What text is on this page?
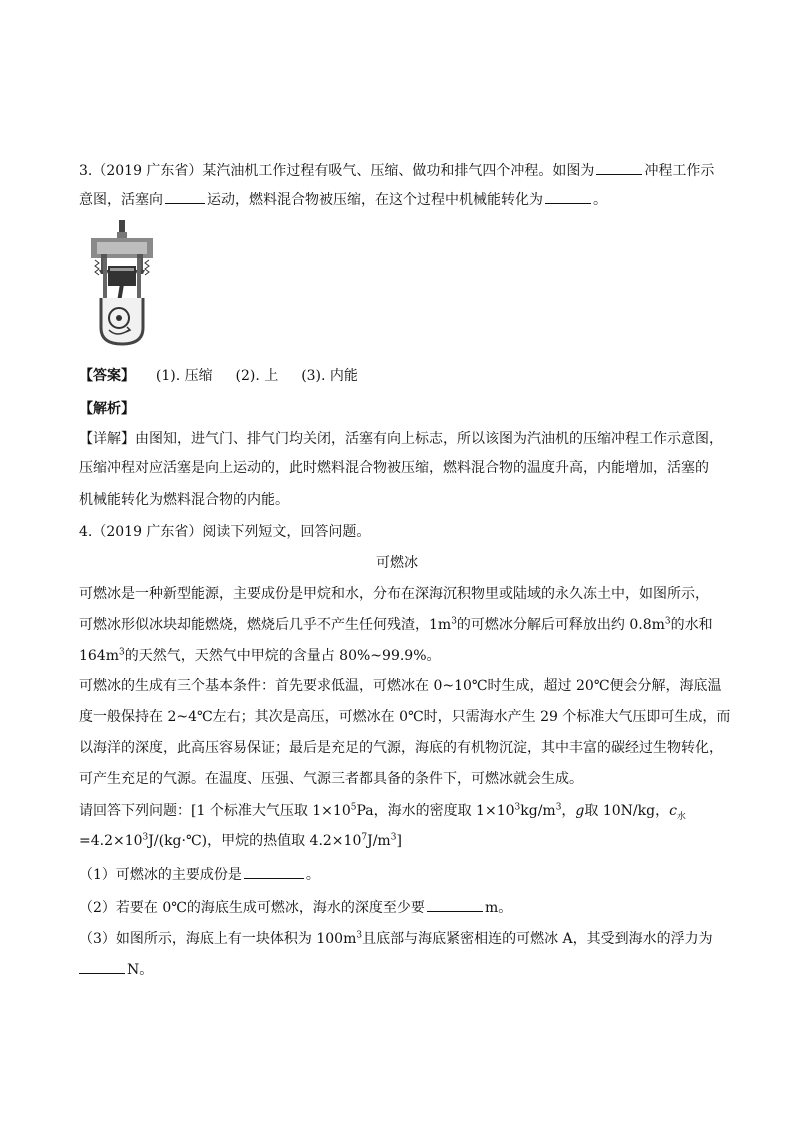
3.（2019 广东省）某汽油机工作过程有吸气、压缩、做功和排气四个冲程。如图为	冲程工作示
意图，活塞向	运动，燃料混合物被压缩，在这个过程中机械能转化为	。
【答案】 (1). 压缩 (2). 上 (3). 内能
【解析】
【详解】由图知，进气门、排气门均关闭，活塞有向上标志，所以该图为汽油机的压缩冲程工作示意图，
压缩冲程对应活塞是向上运动的，此时燃料混合物被压缩，燃料混合物的温度升高，内能增加，活塞的
机械能转化为燃料混合物的内能。
4.（2019 广东省）阅读下列短文，回答问题。
可燃冰
可燃冰是一种新型能源，主要成份是甲烷和水，分布在深海沉积物里或陆域的永久冻土中，如图所示，
可燃冰形似冰块却能燃烧，燃烧后几乎不产生任何残渣，$1m^3$的可燃冰分解后可释放出约 $0.8m^3$的水和
$164m^3$的天然气，天然气中甲烷的含量占 80%~99.9%。
可燃冰的生成有三个基本条件：首先要求低温，可燃冰在 0~10℃时生成，超过 20℃便会分解，海底温
度一般保持在 2~4℃左右；其次是高压，可燃冰在 0℃时，只需海水产生 29 个标准大气压即可生成，而
以海洋的深度，此高压容易保证；最后是充足的气源，海底的有机物沉淀，其中丰富的碳经过生物转化，
可产生充足的气源。在温度、压强、气源三者都具备的条件下，可燃冰就会生成。
请回答下列问题：[1 个标准大气压取 $1\times 10^5Pa$，海水的密度取 $1\times 10^3kg/m^3$，g取 10N/kg，$c_水$
$=4.2\times 10^3J/(kg\cdot℃)$，甲烷的热值取 $4.2\times 10^7J/m^3$]
（1）可燃冰的主要成份是	。
（2）若要在 0℃的海底生成可燃冰，海水的深度至少要	m。
（3）如图所示，海底上有一块体积为 $100m^3$且底部与海底紧密相连的可燃冰 A，其受到海水的浮力为
N。
